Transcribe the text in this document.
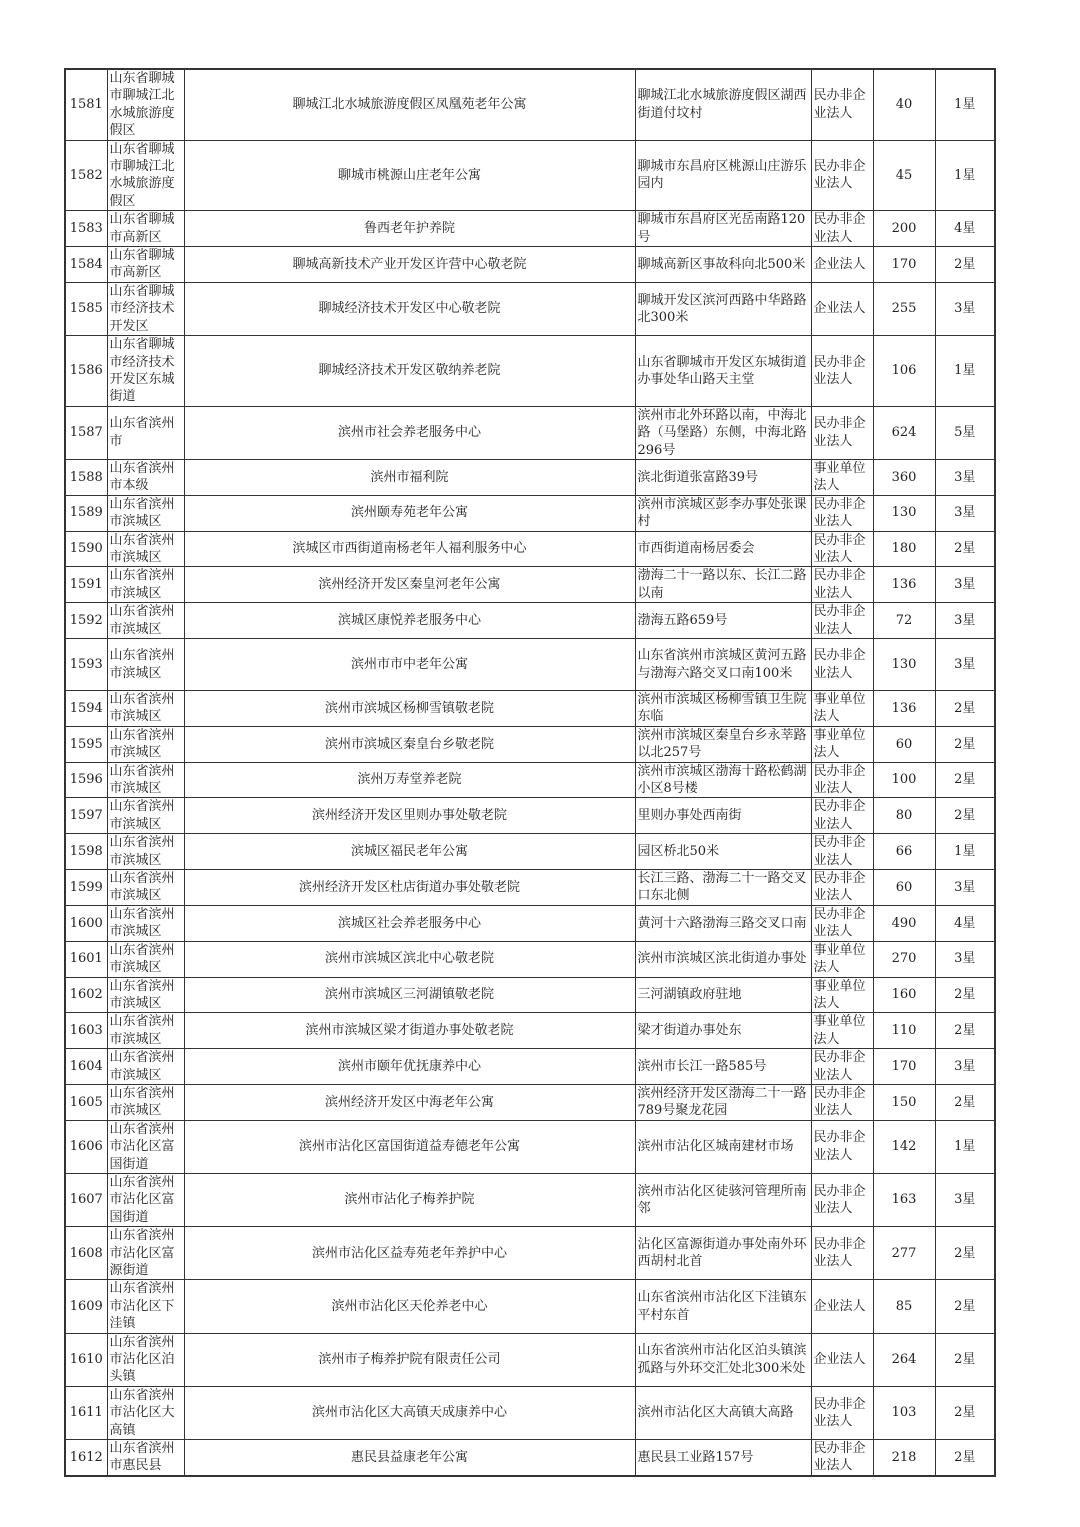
1581	山东省聊城市聊城江北水城旅游度假区	聊城江北水城旅游度假区凤凰苑老年公寓	聊城江北水城旅游度假区湖西街道付坟村	民办非企业法人	40	1星
1582	山东省聊城市聊城江北水城旅游度假区	聊城市桃源山庄老年公寓	聊城市东昌府区桃源山庄游乐园内	民办非企业法人	45	1星
1583	山东省聊城市高新区	鲁西老年护养院	聊城市东昌府区光岳南路120号	民办非企业法人	200	4星
1584	山东省聊城市高新区	聊城高新技术产业开发区许营中心敬老院	聊城高新区事故科向北500米	企业法人	170	2星
1585	山东省聊城市经济技术开发区	聊城经济技术开发区中心敬老院	聊城开发区滨河西路中华路路北300米	企业法人	255	3星
1586	山东省聊城市经济技术开发区东城街道	聊城经济技术开发区敬纳养老院	山东省聊城市开发区东城街道办事处华山路天主堂	民办非企业法人	106	1星
1587	山东省滨州市	滨州市社会养老服务中心	滨州市北外环路以南，中海北路（马堡路）东侧，中海北路296号	民办非企业法人	624	5星
1588	山东省滨州市本级	滨州市福利院	滨北街道张富路39号	事业单位法人	360	3星
1589	山东省滨州市滨城区	滨州颐寿苑老年公寓	滨州市滨城区彭李办事处张课村	民办非企业法人	130	3星
1590	山东省滨州市滨城区	滨城区市西街道南杨老年人福利服务中心	市西街道南杨居委会	民办非企业法人	180	2星
1591	山东省滨州市滨城区	滨州经济开发区秦皇河老年公寓	渤海二十一路以东、长江二路以南	民办非企业法人	136	3星
1592	山东省滨州市滨城区	滨城区康悦养老服务中心	渤海五路659号	民办非企业法人	72	3星
1593	山东省滨州市滨城区	滨州市市中老年公寓	山东省滨州市滨城区黄河五路与渤海六路交叉口南100米	民办非企业法人	130	3星
1594	山东省滨州市滨城区	滨州市滨城区杨柳雪镇敬老院	滨州市滨城区杨柳雪镇卫生院东临	事业单位法人	136	2星
1595	山东省滨州市滨城区	滨州市滨城区秦皇台乡敬老院	滨州市滨城区秦皇台乡永莘路以北257号	事业单位法人	60	2星
1596	山东省滨州市滨城区	滨州万寿堂养老院	滨州市滨城区渤海十路松鹤湖小区8号楼	民办非企业法人	100	2星
1597	山东省滨州市滨城区	滨州经济开发区里则办事处敬老院	里则办事处西南街	民办非企业法人	80	2星
1598	山东省滨州市滨城区	滨城区福民老年公寓	园区桥北50米	民办非企业法人	66	1星
1599	山东省滨州市滨城区	滨州经济开发区杜店街道办事处敬老院	长江三路、渤海二十一路交叉口东北侧	民办非企业法人	60	3星
1600	山东省滨州市滨城区	滨城区社会养老服务中心	黄河十六路渤海三路交叉口南	民办非企业法人	490	4星
1601	山东省滨州市滨城区	滨州市滨城区滨北中心敬老院	滨州市滨城区滨北街道办事处	事业单位法人	270	3星
1602	山东省滨州市滨城区	滨州市滨城区三河湖镇敬老院	三河湖镇政府驻地	事业单位法人	160	2星
1603	山东省滨州市滨城区	滨州市滨城区梁才街道办事处敬老院	梁才街道办事处东	事业单位法人	110	2星
1604	山东省滨州市滨城区	滨州市颐年优抚康养中心	滨州市长江一路585号	民办非企业法人	170	3星
1605	山东省滨州市滨城区	滨州经济开发区中海老年公寓	滨州经济开发区渤海二十一路789号聚龙花园	民办非企业法人	150	2星
1606	山东省滨州市沾化区富国街道	滨州市沾化区富国街道益寿德老年公寓	滨州市沾化区城南建材市场	民办非企业法人	142	1星
1607	山东省滨州市沾化区富国街道	滨州市沾化子梅养护院	滨州市沾化区徒骇河管理所南邻	民办非企业法人	163	3星
1608	山东省滨州市沾化区富源街道	滨州市沾化区益寿苑老年养护中心	沾化区富源街道办事处南外环西胡村北首	民办非企业法人	277	2星
1609	山东省滨州市沾化区下洼镇	滨州市沾化区天伦养老中心	山东省滨州市沾化区下洼镇东平村东首	企业法人	85	2星
1610	山东省滨州市沾化区泊头镇	滨州市子梅养护院有限责任公司	山东省滨州市沾化区泊头镇滨孤路与外环交汇处北300米处	企业法人	264	2星
1611	山东省滨州市沾化区大高镇	滨州市沾化区大高镇天成康养中心	滨州市沾化区大高镇大高路	民办非企业法人	103	2星
1612	山东省滨州市惠民县	惠民县益康老年公寓	惠民县工业路157号	民办非企业法人	218	2星
